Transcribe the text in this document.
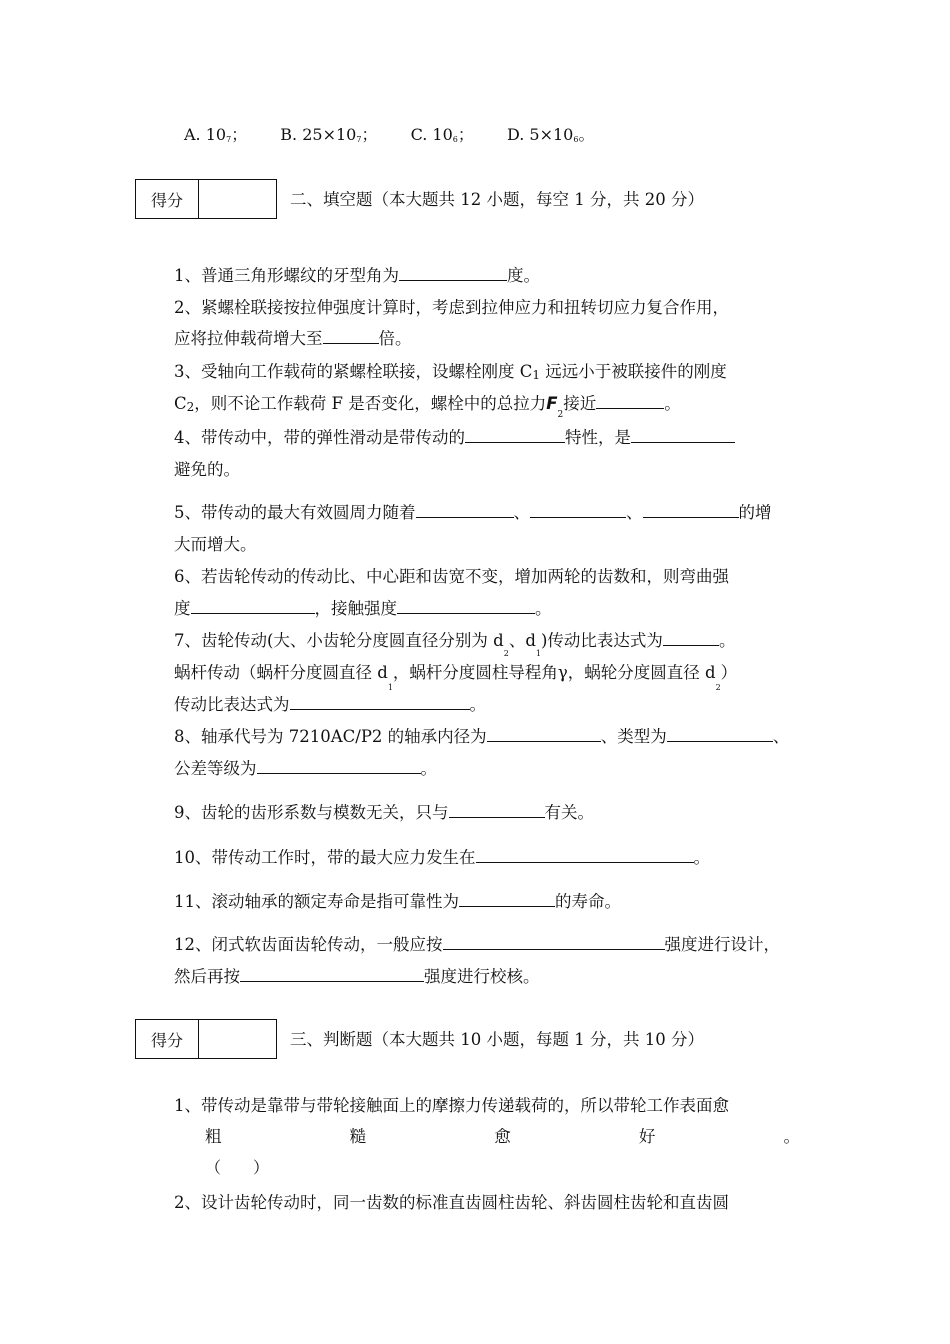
A. $10_7$； B. $25\times 10_7$； C. $10_6$； D. $5\times 10_6$。
得分	二、填空题（本大题共 12 小题，每空 1 分，共 20 分）
1、普通三角形螺纹的牙型角为	度。
2、紧螺栓联接按拉伸强度计算时，考虑到拉伸应力和扭转切应力复合作用，
应将拉伸载荷增大至	倍。
3、受轴向工作载荷的紧螺栓联接，设螺栓刚度 $C_1$ 远远小于被联接件的刚度
$C_2$，则不论工作载荷 F 是否变化，螺栓中的总拉力$F_2$接近	。
4、带传动中，带的弹性滑动是带传动的	特性，是
避免的。
5、带传动的最大有效圆周力随着	、	、	的增
大而增大。
6、若齿轮传动的传动比、中心距和齿宽不变，增加两轮的齿数和，则弯曲强
度	，接触强度	。
7、齿轮传动(大、小齿轮分度圆直径分别为 $d_2$、$d_1$)传动比表达式为	。
蜗杆传动（蜗杆分度圆直径 $d_1$，蜗杆分度圆柱导程角γ，蜗轮分度圆直径 $d_2$）
传动比表达式为	。
8、轴承代号为 7210AC/P2 的轴承内径为	、类型为	、
公差等级为	。
9、齿轮的齿形系数与模数无关，只与	有关。
10、带传动工作时，带的最大应力发生在	。
11、滚动轴承的额定寿命是指可靠性为	的寿命。
12、闭式软齿面齿轮传动，一般应按	强度进行设计，
然后再按	强度进行校核。
得分	三、判断题（本大题共 10 小题，每题 1 分，共 10 分）
1、带传动是靠带与带轮接触面上的摩擦力传递载荷的，所以带轮工作表面愈
粗	糙	愈	好	。
（　　）
2、设计齿轮传动时，同一齿数的标准直齿圆柱齿轮、斜齿圆柱齿轮和直齿圆
